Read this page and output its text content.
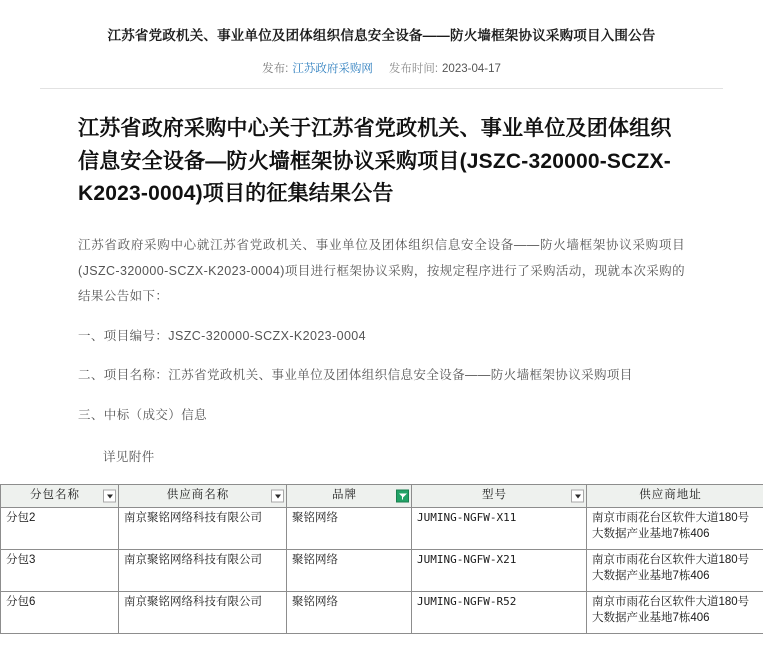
江苏省党政机关、事业单位及团体组织信息安全设备——防火墙框架协议采购项目入围公告
发布: 江苏政府采购网 发布时间: 2023-04-17
江苏省政府采购中心关于江苏省党政机关、事业单位及团体组织信息安全设备—防火墙框架协议采购项目(JSZC-320000-SCZX-K2023-0004)项目的征集结果公告

江苏省政府采购中心就江苏省党政机关、事业单位及团体组织信息安全设备——防火墙框架协议采购项目(JSZC-320000-SCZX-K2023-0004)项目进行框架协议采购，按规定程序进行了采购活动，现就本次采购的结果公告如下：

一、项目编号：JSZC-320000-SCZX-K2023-0004

二、项目名称：江苏省党政机关、事业单位及团体组织信息安全设备——防火墙框架协议采购项目

三、中标（成交）信息

详见附件

分包名称	供应商名称	品牌	型号	供应商地址
分包2	南京聚铭网络科技有限公司	聚铭网络	JUMING-NGFW-X11	南京市雨花台区软件大道180号大数据产业基地7栋406
分包3	南京聚铭网络科技有限公司	聚铭网络	JUMING-NGFW-X21	南京市雨花台区软件大道180号大数据产业基地7栋406
分包6	南京聚铭网络科技有限公司	聚铭网络	JUMING-NGFW-R52	南京市雨花台区软件大道180号大数据产业基地7栋406
